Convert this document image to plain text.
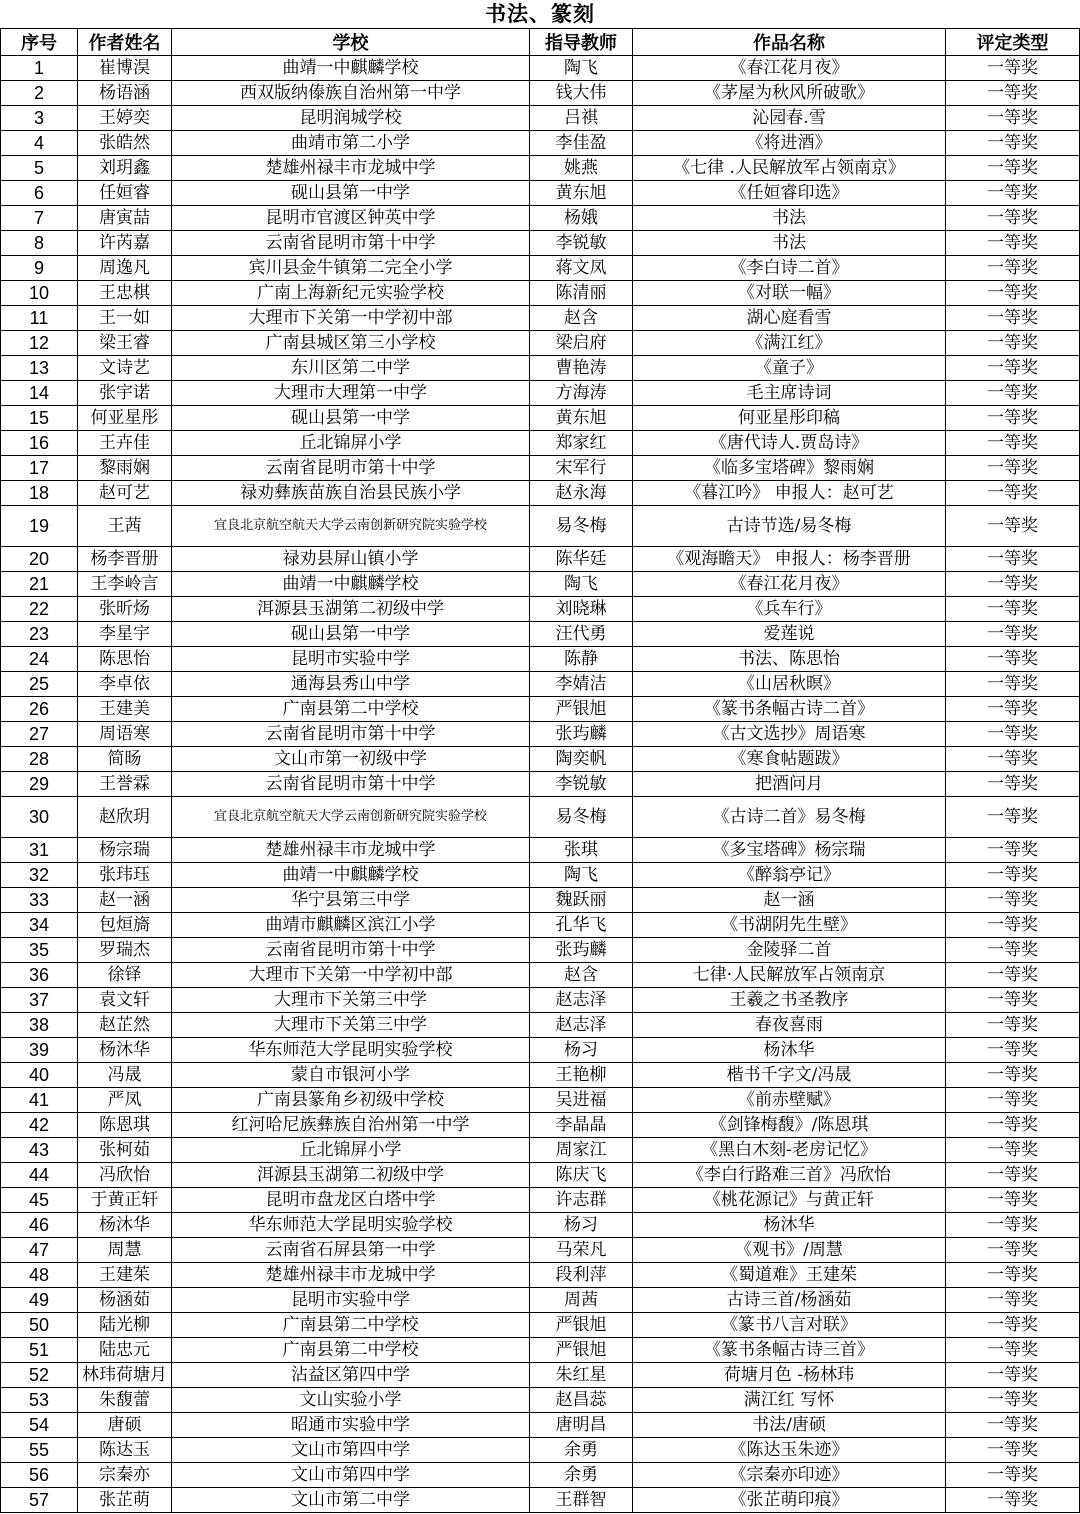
书法、篆刻
序号	作者姓名	学校	指导教师	作品名称	评定类型
1	崔博淏	曲靖一中麒麟学校	陶飞	《春江花月夜》	一等奖
2	杨语涵	西双版纳傣族自治州第一中学	钱大伟	《茅屋为秋风所破歌》	一等奖
3	王婷奕	昆明润城学校	吕祺	沁园春.雪	一等奖
4	张皓然	曲靖市第二小学	李佳盈	《将进酒》	一等奖
5	刘玥鑫	楚雄州禄丰市龙城中学	姚燕	《七律 .人民解放军占领南京》	一等奖
6	任姮睿	砚山县第一中学	黄东旭	《任姮睿印选》	一等奖
7	唐寅喆	昆明市官渡区钟英中学	杨娥	书法	一等奖
8	许芮嘉	云南省昆明市第十中学	李锐敏	书法	一等奖
9	周逸凡	宾川县金牛镇第二完全小学	蒋文凤	《李白诗二首》	一等奖
10	王忠棋	广南上海新纪元实验学校	陈清丽	《对联一幅》	一等奖
11	王一如	大理市下关第一中学初中部	赵含	湖心庭看雪	一等奖
12	梁王睿	广南县城区第三小学校	梁启府	《满江红》	一等奖
13	文诗艺	东川区第二中学	曹艳涛	《童子》	一等奖
14	张宇诺	大理市大理第一中学	方海涛	毛主席诗词	一等奖
15	何亚星彤	砚山县第一中学	黄东旭	何亚星彤印稿	一等奖
16	王卉佳	丘北锦屏小学	郑家红	《唐代诗人.贾岛诗》	一等奖
17	黎雨娴	云南省昆明市第十中学	宋军行	《临多宝塔碑》黎雨娴	一等奖
18	赵可艺	禄劝彝族苗族自治县民族小学	赵永海	《暮江吟》 申报人：赵可艺	一等奖
19	王茜	宜良北京航空航天大学云南创新研究院实验学校	易冬梅	古诗节选/易冬梅	一等奖
20	杨李晋册	禄劝县屏山镇小学	陈华廷	《观海瞻天》 申报人：杨李晋册	一等奖
21	王李岭言	曲靖一中麒麟学校	陶飞	《春江花月夜》	一等奖
22	张昕炀	洱源县玉湖第二初级中学	刘晓琳	《兵车行》	一等奖
23	李星宇	砚山县第一中学	汪代勇	爱莲说	一等奖
24	陈思怡	昆明市实验中学	陈静	书法、陈思怡	一等奖
25	李卓依	通海县秀山中学	李婧洁	《山居秋暝》	一等奖
26	王建美	广南县第二中学校	严银旭	《篆书条幅古诗二首》	一等奖
27	周语寒	云南省昆明市第十中学	张玙麟	《古文选抄》周语寒	一等奖
28	简旸	文山市第一初级中学	陶奕帆	《寒食帖题跋》	一等奖
29	王誉霖	云南省昆明市第十中学	李锐敏	把酒问月	一等奖
30	赵欣玥	宜良北京航空航天大学云南创新研究院实验学校	易冬梅	《古诗二首》易冬梅	一等奖
31	杨宗瑞	楚雄州禄丰市龙城中学	张琪	《多宝塔碑》杨宗瑞	一等奖
32	张玮珏	曲靖一中麒麟学校	陶飞	《醉翁亭记》	一等奖
33	赵一涵	华宁县第三中学	魏跃丽	赵一涵	一等奖
34	包烜旖	曲靖市麒麟区滨江小学	孔华飞	《书湖阴先生壁》	一等奖
35	罗瑞杰	云南省昆明市第十中学	张玙麟	金陵驿二首	一等奖
36	徐铎	大理市下关第一中学初中部	赵含	七律·人民解放军占领南京	一等奖
37	袁文轩	大理市下关第三中学	赵志泽	王羲之书圣教序	一等奖
38	赵芷然	大理市下关第三中学	赵志泽	春夜喜雨	一等奖
39	杨沐华	华东师范大学昆明实验学校	杨习	杨沐华	一等奖
40	冯晟	蒙自市银河小学	王艳柳	楷书千字文/冯晟	一等奖
41	严凤	广南县篆角乡初级中学校	吴进福	《前赤壁赋》	一等奖
42	陈恩琪	红河哈尼族彝族自治州第一中学	李晶晶	《剑锋梅馥》/陈恩琪	一等奖
43	张柯茹	丘北锦屏小学	周家江	《黑白木刻-老房记忆》	一等奖
44	冯欣怡	洱源县玉湖第二初级中学	陈庆飞	《李白行路难三首》冯欣怡	一等奖
45	于黄正轩	昆明市盘龙区白塔中学	许志群	《桃花源记》与黄正轩	一等奖
46	杨沐华	华东师范大学昆明实验学校	杨习	杨沐华	一等奖
47	周慧	云南省石屏县第一中学	马荣凡	《观书》/周慧	一等奖
48	王建茱	楚雄州禄丰市龙城中学	段利萍	《蜀道难》王建茱	一等奖
49	杨涵茹	昆明市实验中学	周茜	古诗三首/杨涵茹	一等奖
50	陆光柳	广南县第二中学校	严银旭	《篆书八言对联》	一等奖
51	陆忠元	广南县第二中学校	严银旭	《篆书条幅古诗三首》	一等奖
52	林玮荷塘月	沾益区第四中学	朱红星	荷塘月色 -杨林玮	一等奖
53	朱馥蕾	文山实验小学	赵昌蕊	满江红 写怀	一等奖
54	唐硕	昭通市实验中学	唐明昌	书法/唐硕	一等奖
55	陈达玉	文山市第四中学	余勇	《陈达玉朱迹》	一等奖
56	宗秦亦	文山市第四中学	余勇	《宗秦亦印迹》	一等奖
57	张芷萌	文山市第二中学	王群智	《张芷萌印痕》	一等奖
